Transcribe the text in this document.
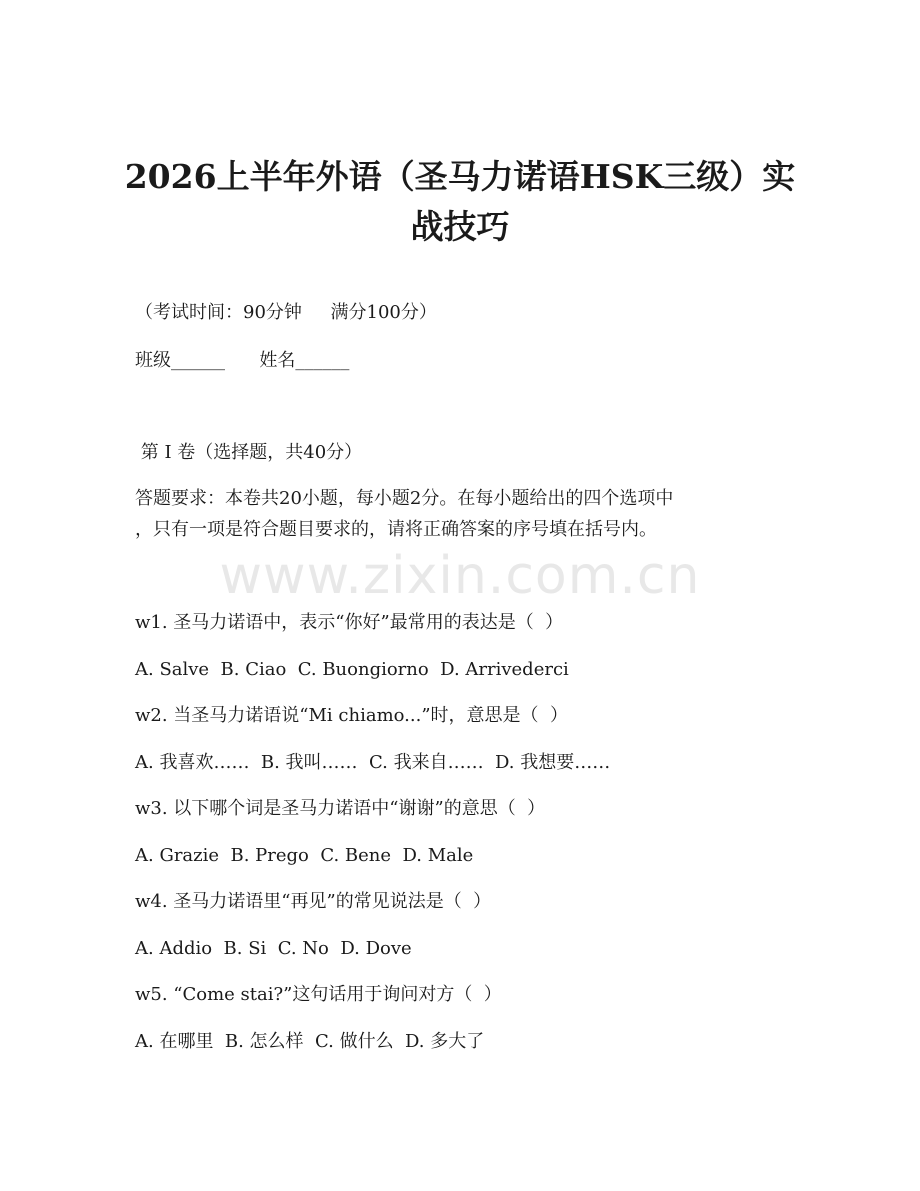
www.zixin.com.cn
2026上半年外语（圣马力诺语HSK三级）实
战技巧
（考试时间：90分钟     满分100分）
班级______      姓名______
第 I 卷（选择题，共40分）
答题要求：本卷共20小题，每小题2分。在每小题给出的四个选项中
，只有一项是符合题目要求的，请将正确答案的序号填在括号内。
w1. 圣马力诺语中，表示“你好”最常用的表达是（  ）
A. Salve  B. Ciao  C. Buongiorno  D. Arrivederci
w2. 当圣马力诺语说“Mi chiamo...”时，意思是（  ）
A. 我喜欢……  B. 我叫……  C. 我来自……  D. 我想要……
w3. 以下哪个词是圣马力诺语中“谢谢”的意思（  ）
A. Grazie  B. Prego  C. Bene  D. Male
w4. 圣马力诺语里“再见”的常见说法是（  ）
A. Addio  B. Si  C. No  D. Dove
w5. “Come stai?”这句话用于询问对方（  ）
A. 在哪里  B. 怎么样  C. 做什么  D. 多大了
